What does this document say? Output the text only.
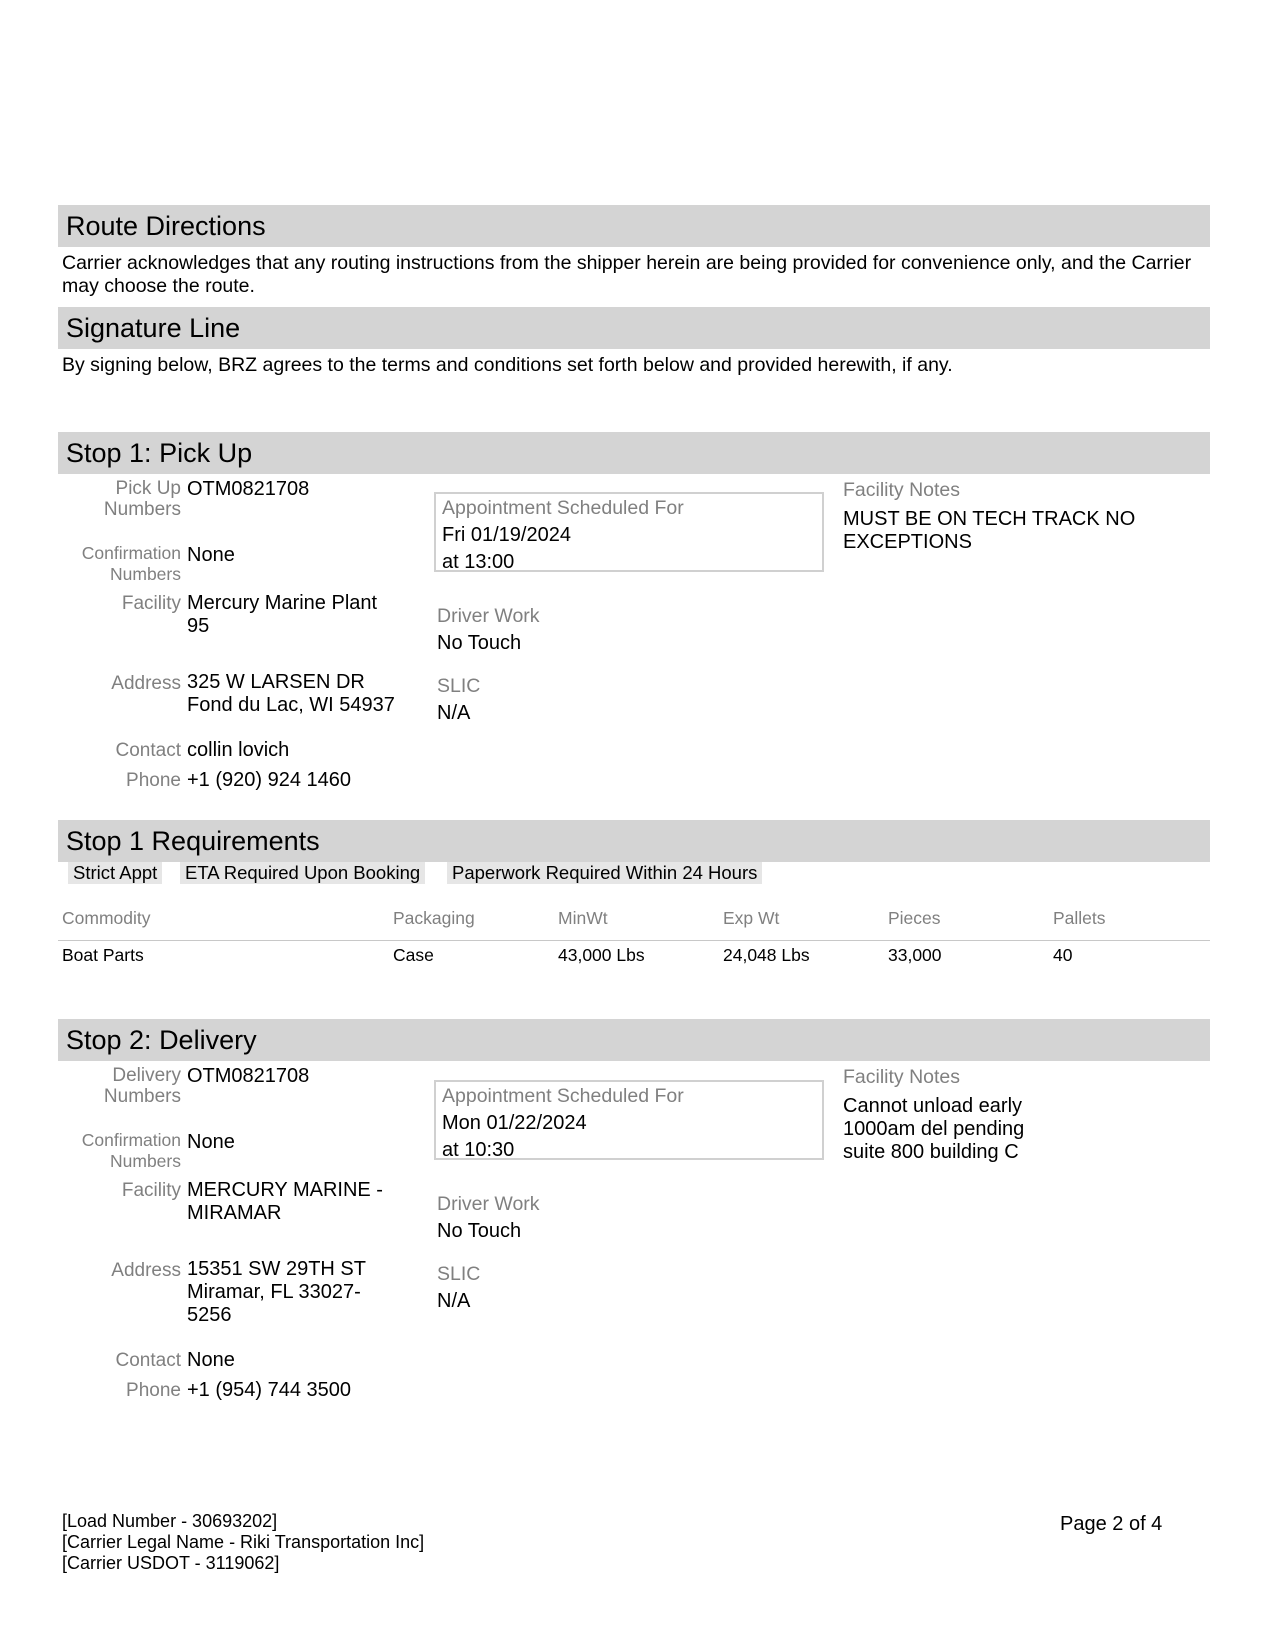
Route Directions
Carrier acknowledges that any routing instructions from the shipper herein are being provided for convenience only, and the Carrier may choose the route.
Signature Line
By signing below, BRZ agrees to the terms and conditions set forth below and provided herewith, if any.
Stop 1: Pick Up
Pick Up
Numbers
OTM0821708
Confirmation
Numbers
None
Facility Mercury Marine Plant
95
Address 325 W LARSEN DR
Fond du Lac, WI 54937
Contact collin lovich
Phone +1 (920) 924 1460
Appointment Scheduled For
Fri 01/19/2024
at 13:00
Driver Work
No Touch
SLIC
N/A
Facility Notes
MUST BE ON TECH TRACK NO
EXCEPTIONS
Stop 1 Requirements
Strict Appt ETA Required Upon Booking Paperwork Required Within 24 Hours
Commodity	Packaging	MinWt	Exp Wt	Pieces	Pallets
Boat Parts	Case	43,000 Lbs	24,048 Lbs	33,000	40
Stop 2: Delivery
Delivery
Numbers
OTM0821708
Confirmation
Numbers
None
Facility MERCURY MARINE -
MIRAMAR
Address 15351 SW 29TH ST
Miramar, FL 33027-
5256
Contact None
Phone +1 (954) 744 3500
Appointment Scheduled For
Mon 01/22/2024
at 10:30
Driver Work
No Touch
SLIC
N/A
Facility Notes
Cannot unload early
1000am del pending
suite 800 building C
[Load Number - 30693202]
[Carrier Legal Name - Riki Transportation Inc]
[Carrier USDOT - 3119062]
Page 2 of 4
